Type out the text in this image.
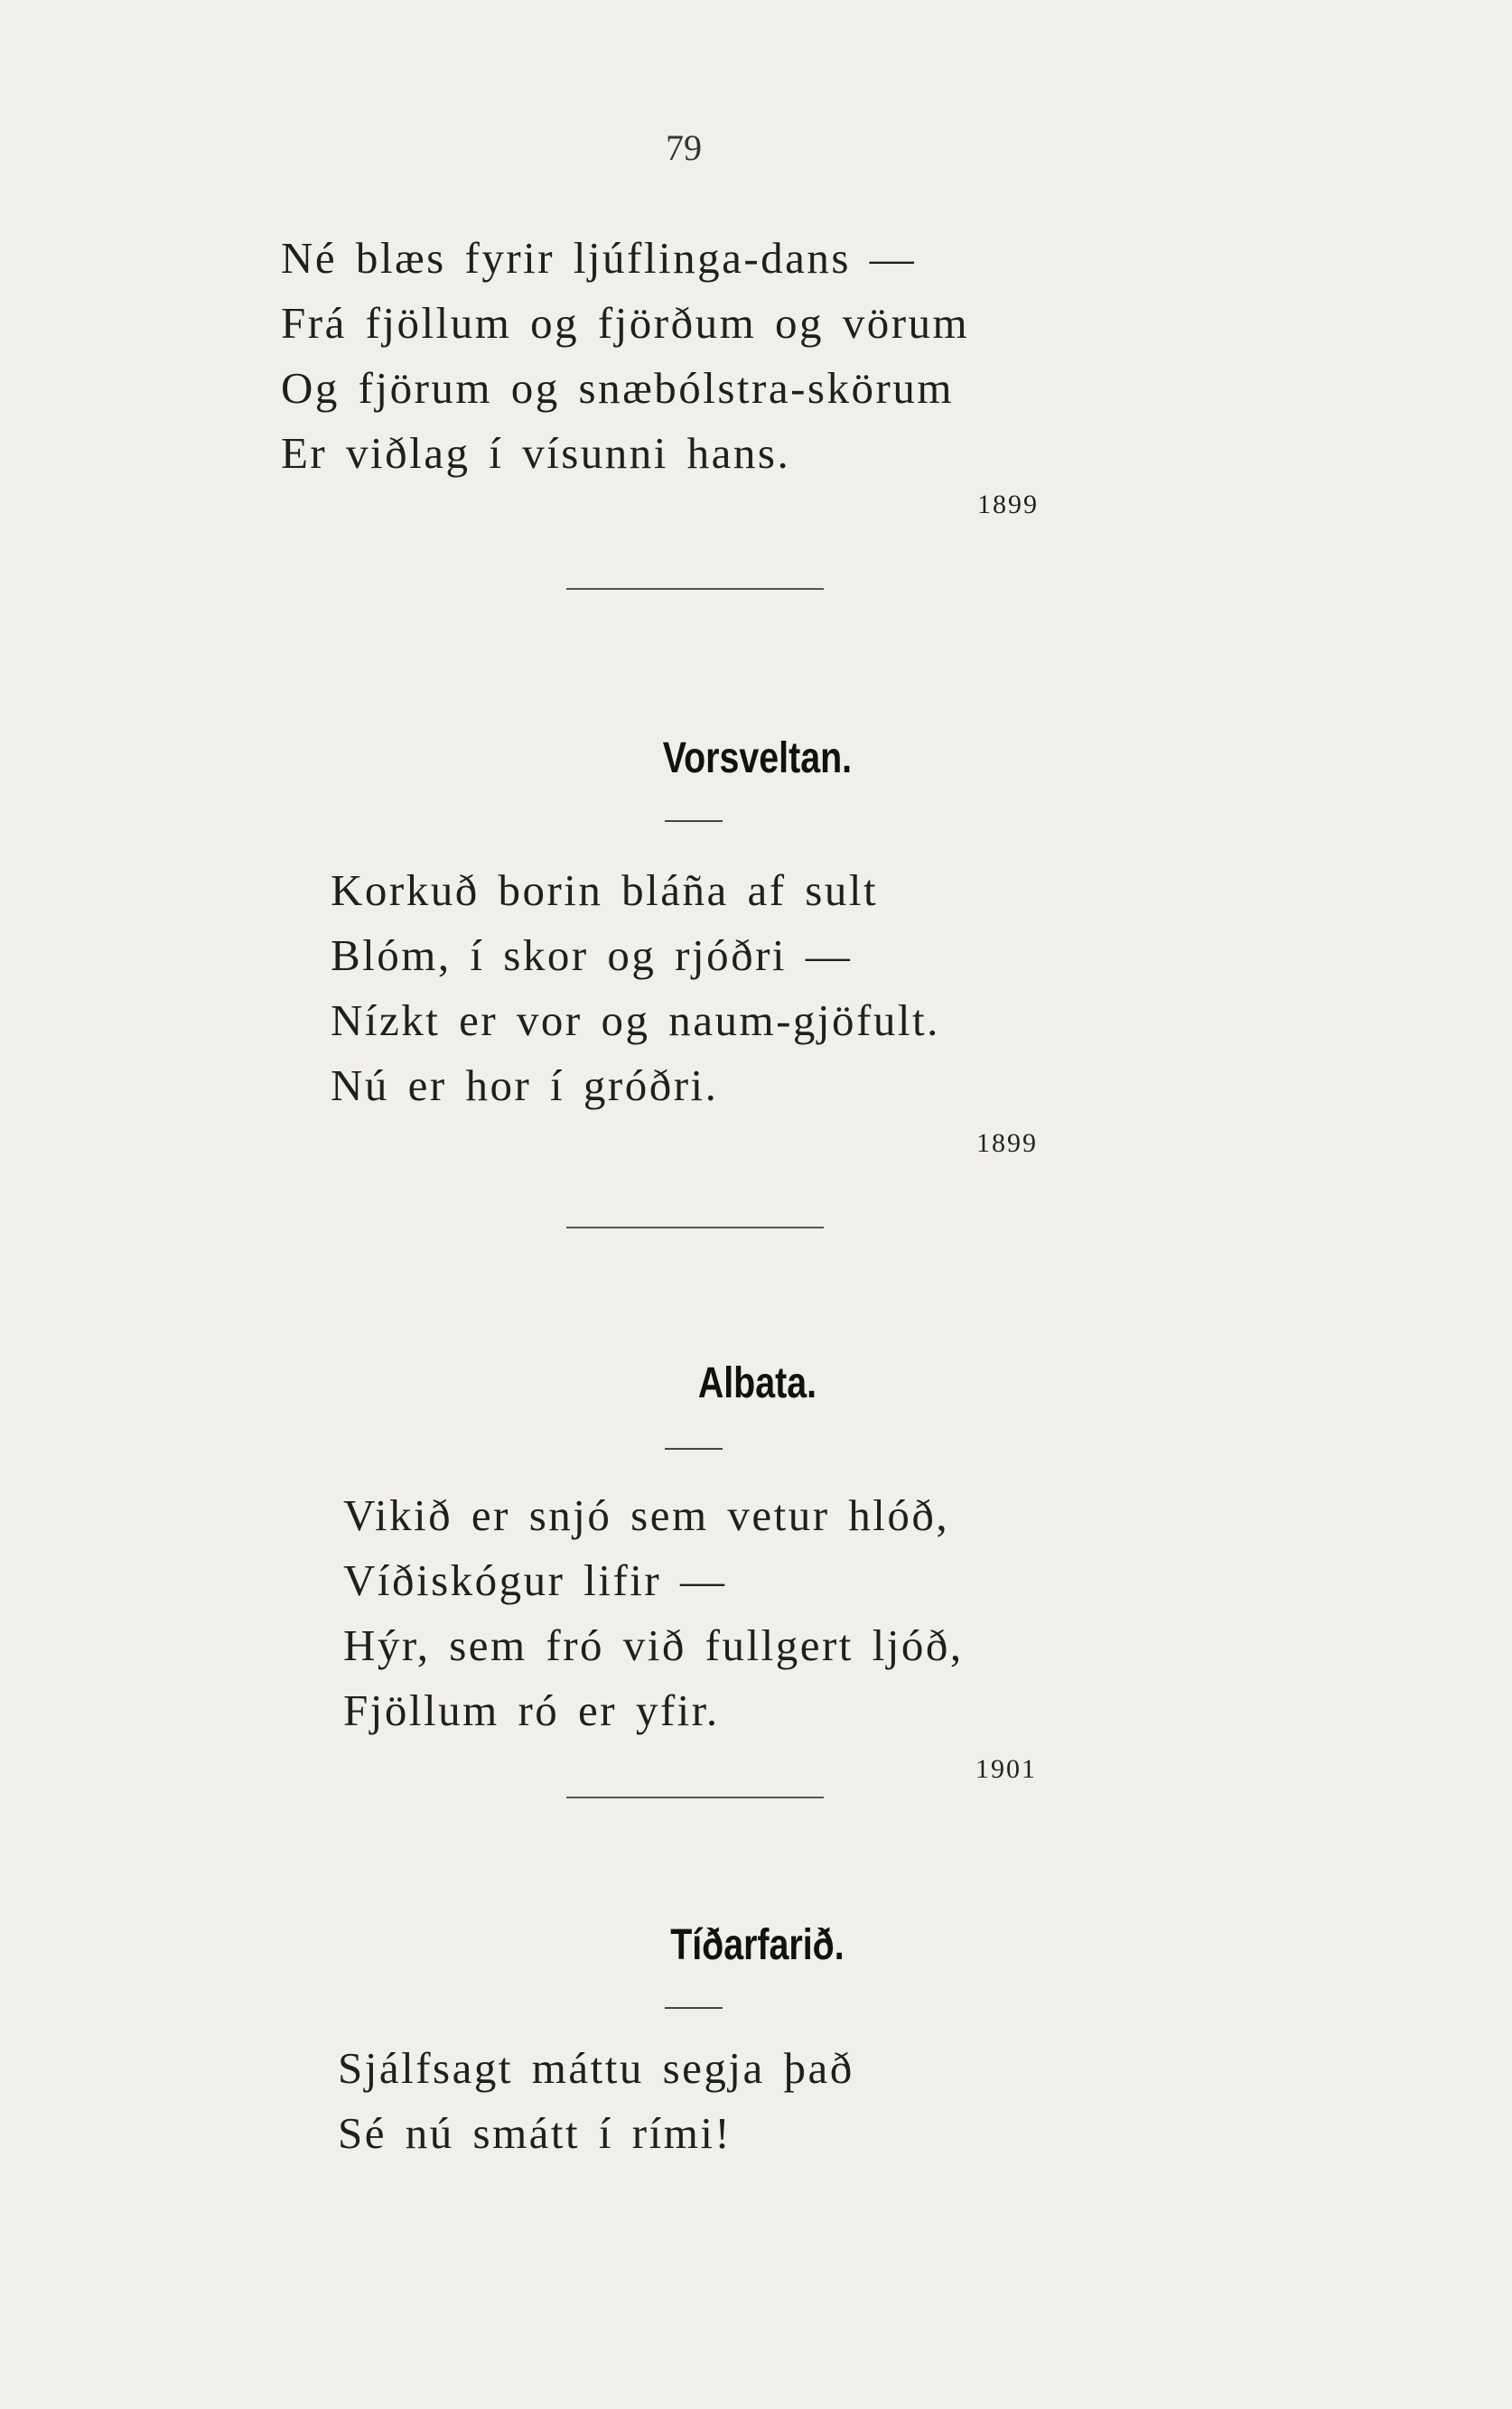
79
Né blæs fyrir ljúflinga-dans —
Frá fjöllum og fjörðum og vörum
Og fjörum og snæbólstra-skörum
Er viðlag í vísunni hans.
1899
Vorsveltan.
Korkuð borin bláña af sult
Blóm, í skor og rjóðri —
Nízkt er vor og naum-gjöfult.
Nú er hor í gróðri.
1899
Albata.
Vikið er snjó sem vetur hlóð,
Víðiskógur lifir —
Hýr, sem fró við fullgert ljóð,
Fjöllum ró er yfir.
1901
Tíðarfarið.
Sjálfsagt máttu segja það
Sé nú smátt í rími!
